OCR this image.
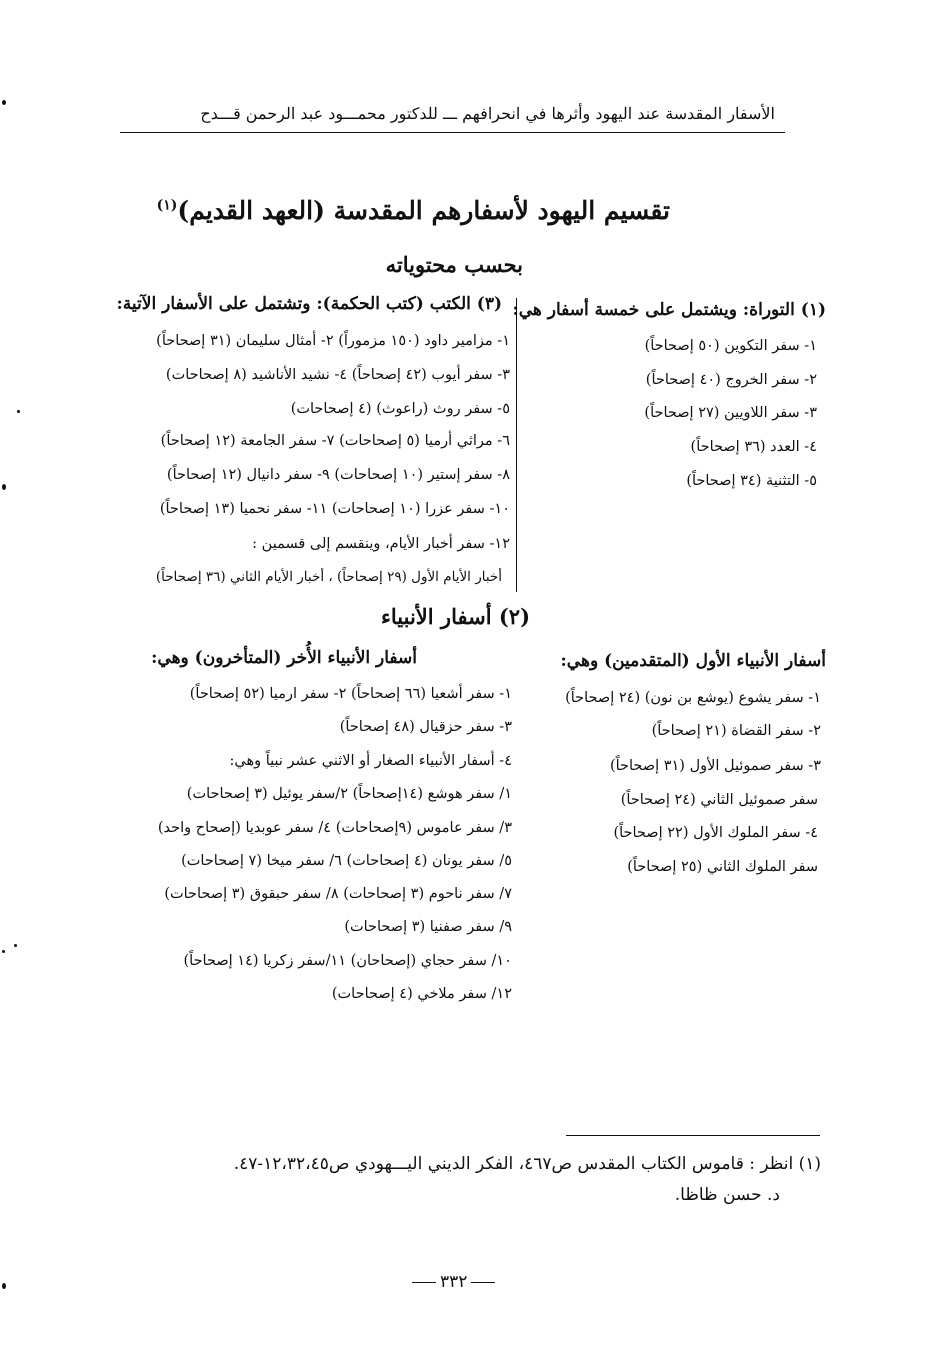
الأسفار المقدسة عند اليهود وأثرها في انحرافهم ـــ للدكتور محمـــود عبد الرحمن قـــدح
تقسيم اليهود لأسفارهم المقدسة (العهد القديم)$^{(١)}$
بحسب محتوياته
(١) التوراة: ويشتمل على خمسة أسفار هي:
١- سفر التكوين (٥٠ إصحاحاً)
٢- سفر الخروج (٤٠ إصحاحاً)
٣- سفر اللاويين (٢٧ إصحاحاً)
٤- العدد (٣٦ إصحاحاً)
٥- التثنية (٣٤ إصحاحاً)
(٣) الكتب (كتب الحكمة): وتشتمل على الأسفار الآتية:
١- مزامير داود (١٥٠ مزموراً) ٢- أمثال سليمان (٣١ إصحاحاً)
٣- سفر أيوب (٤٢ إصحاحاً) ٤- نشيد الأناشيد (٨ إصحاحات)
٥- سفر روث (راعوث) (٤ إصحاحات)
٦- مراثي أرميا (٥ إصحاحات) ٧- سفر الجامعة (١٢ إصحاحاً)
٨- سفر إستير (١٠ إصحاحات) ٩- سفر دانيال (١٢ إصحاحاً)
١٠- سفر عزرا (١٠ إصحاحات) ١١- سفر نحميا (١٣ إصحاحاً)
١٢- سفر أخبار الأيام، وينقسم إلى قسمين :
أخبار الأيام الأول (٢٩ إصحاحاً) ، أخبار الأيام الثاني (٣٦ إصحاحاً)
(٢) أسفار الأنبياء
أسفار الأنبياء الأول (المتقدمين) وهي:
١- سفر يشوع (يوشع بن نون) (٢٤ إصحاحاً)
٢- سفر القضاة (٢١ إصحاحاً)
٣- سفر صموئيل الأول (٣١ إصحاحاً)
سفر صموئيل الثاني (٢٤ إصحاحاً)
٤- سفر الملوك الأول (٢٢ إصحاحاً)
سفر الملوك الثاني (٢٥ إصحاحاً)
أسفار الأنبياء الأُخر (المتأخرون) وهي:
١- سفر أشعيا (٦٦ إصحاحاً) ٢- سفر ارميا (٥٢ إصحاحاً)
٣- سفر حزقيال (٤٨ إصحاحاً)
٤- أسفار الأنبياء الصغار أو الاثني عشر نبياً وهي:
١/ سفر هوشع (١٤إصحاحاً) ٢/سفر يوئيل (٣ إصحاحات)
٣/ سفر عاموس (٩إصحاحات) ٤/ سفر عوبديا (إصحاح واحد)
٥/ سفر يونان (٤ إصحاحات) ٦/ سفر ميخا (٧ إصحاحات)
٧/ سفر ناحوم (٣ إصحاحات) ٨/ سفر حبقوق (٣ إصحاحات)
٩/ سفر صفنيا (٣ إصحاحات)
١٠/ سفر حجاي (إصحاحان) ١١/سفر زكريا (١٤ إصحاحاً)
١٢/ سفر ملاخي (٤ إصحاحات)
(١) انظر : قاموس الكتاب المقدس ص٤٦٧، الفكر الديني اليـــهودي ص١٢،٣٢،٤٥-٤٧.
د. حسن ظاظا.
٣٣٢
